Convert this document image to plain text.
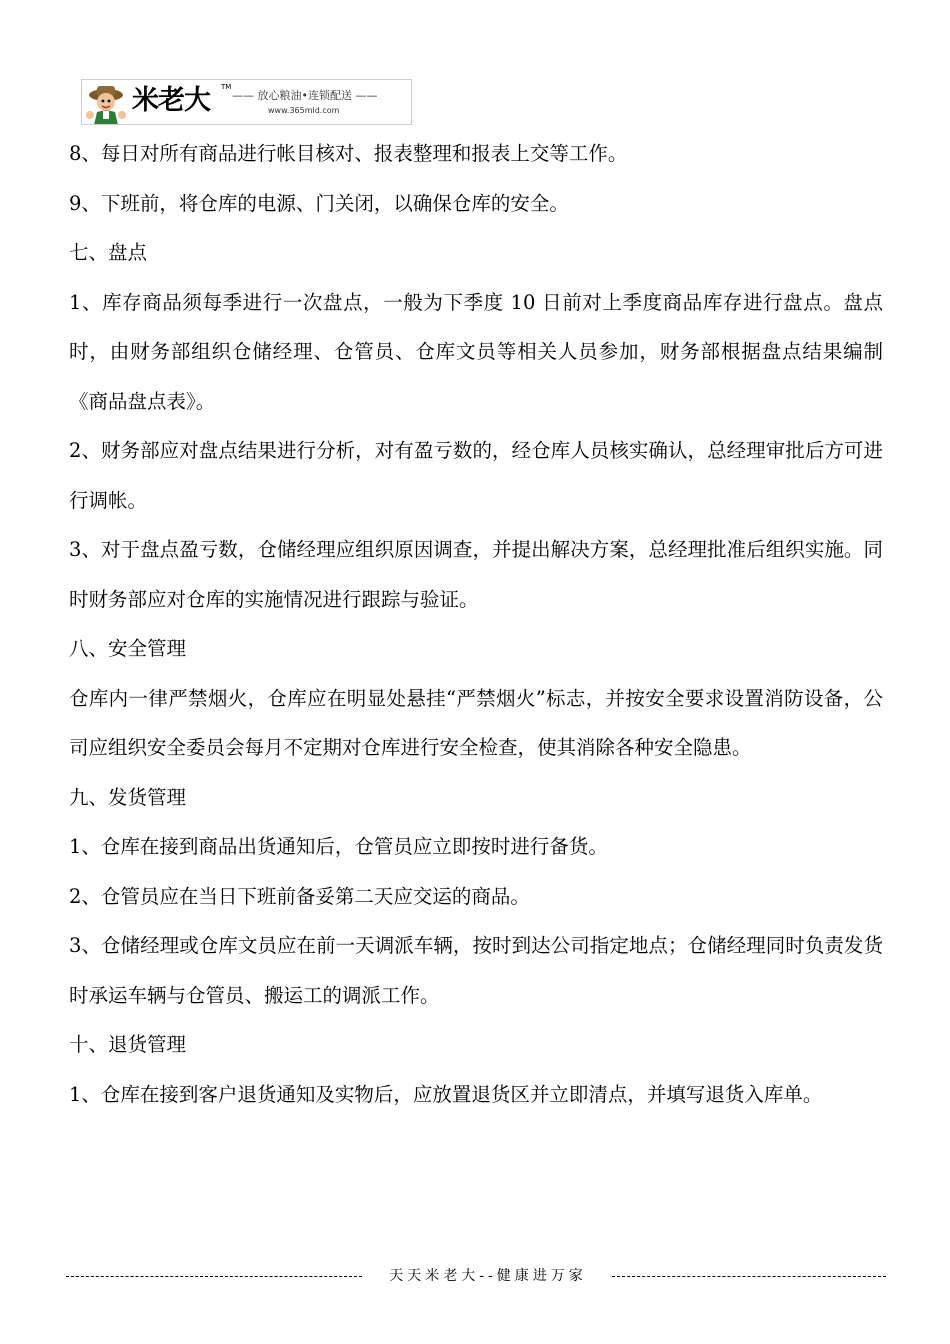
米老大 TM
—— 放心粮油•连锁配送 ——
www.365mld.com

8、每日对所有商品进行帐目核对、报表整理和报表上交等工作。

9、下班前，将仓库的电源、门关闭，以确保仓库的安全。

七、盘点

1、库存商品须每季进行一次盘点，一般为下季度 10 日前对上季度商品库存进行盘点。盘点时，由财务部组织仓储经理、仓管员、仓库文员等相关人员参加，财务部根据盘点结果编制《商品盘点表》。

2、财务部应对盘点结果进行分析，对有盈亏数的，经仓库人员核实确认，总经理审批后方可进行调帐。

3、对于盘点盈亏数，仓储经理应组织原因调查，并提出解决方案，总经理批准后组织实施。同时财务部应对仓库的实施情况进行跟踪与验证。

八、安全管理

仓库内一律严禁烟火，仓库应在明显处悬挂“严禁烟火”标志，并按安全要求设置消防设备，公司应组织安全委员会每月不定期对仓库进行安全检查，使其消除各种安全隐患。

九、发货管理

1、仓库在接到商品出货通知后，仓管员应立即按时进行备货。

2、仓管员应在当日下班前备妥第二天应交运的商品。

3、仓储经理或仓库文员应在前一天调派车辆，按时到达公司指定地点；仓储经理同时负责发货时承运车辆与仓管员、搬运工的调派工作。

十、退货管理

1、仓库在接到客户退货通知及实物后，应放置退货区并立即清点，并填写退货入库单。

天天米老大--健康进万家
